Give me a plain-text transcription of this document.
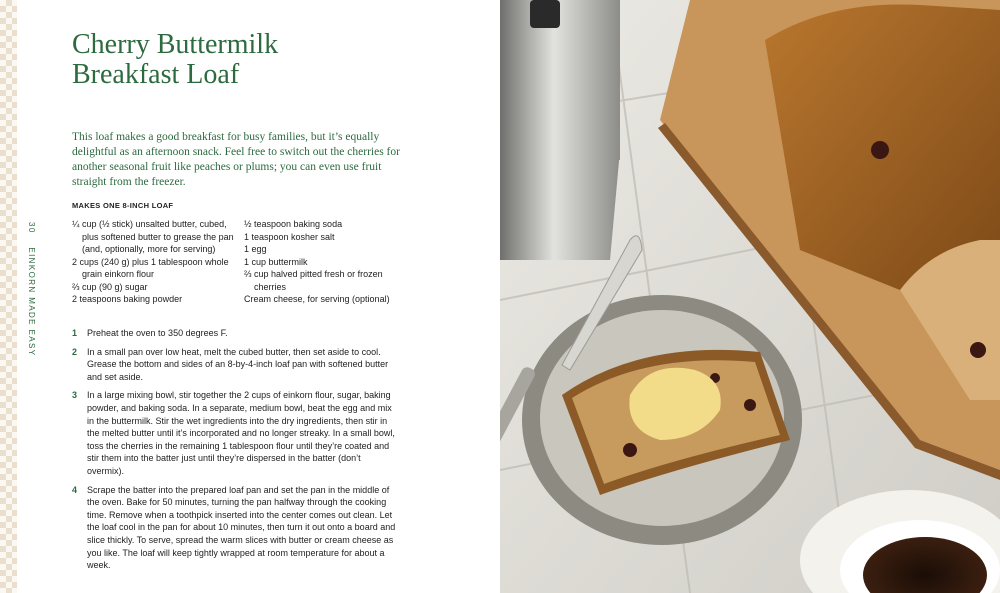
30 EINKORN MADE EASY
Cherry Buttermilk Breakfast Loaf

This loaf makes a good breakfast for busy families, but it’s equally delightful as an afternoon snack. Feel free to switch out the cherries for another seasonal fruit like peaches or plums; you can even use fruit straight from the freezer.

MAKES ONE 8-INCH LOAF

¼ cup (½ stick) unsalted butter, cubed, plus softened butter to grease the pan (and, optionally, more for serving)

2 cups (240 g) plus 1 tablespoon whole grain einkorn flour

⅔ cup (90 g) sugar

2 teaspoons baking powder

½ teaspoon baking soda

1 teaspoon kosher salt

1 egg

1 cup buttermilk

⅔ cup halved pitted fresh or frozen cherries

Cream cheese, for serving (optional)

1 Preheat the oven to 350 degrees F.
2 In a small pan over low heat, melt the cubed butter, then set aside to cool. Grease the bottom and sides of an 8-by-4-inch loaf pan with softened butter and set aside.
3 In a large mixing bowl, stir together the 2 cups of einkorn flour, sugar, baking powder, and baking soda. In a separate, medium bowl, beat the egg and mix in the buttermilk. Stir the wet ingredients into the dry ingredients, then stir in the melted butter until it’s incorporated and no longer streaky. In a small bowl, toss the cherries in the remaining 1 tablespoon flour until they’re coated and stir them into the batter just until they’re dispersed in the batter (don’t overmix).
4 Scrape the batter into the prepared loaf pan and set the pan in the middle of the oven. Bake for 50 minutes, turning the pan halfway through the cooking time. Remove when a toothpick inserted into the center comes out clean. Let the loaf cool in the pan for about 10 minutes, then turn it out onto a board and slice thickly. To serve, spread the warm slices with butter or cream cheese as you like. The loaf will keep tightly wrapped at room temperature for about a week.
